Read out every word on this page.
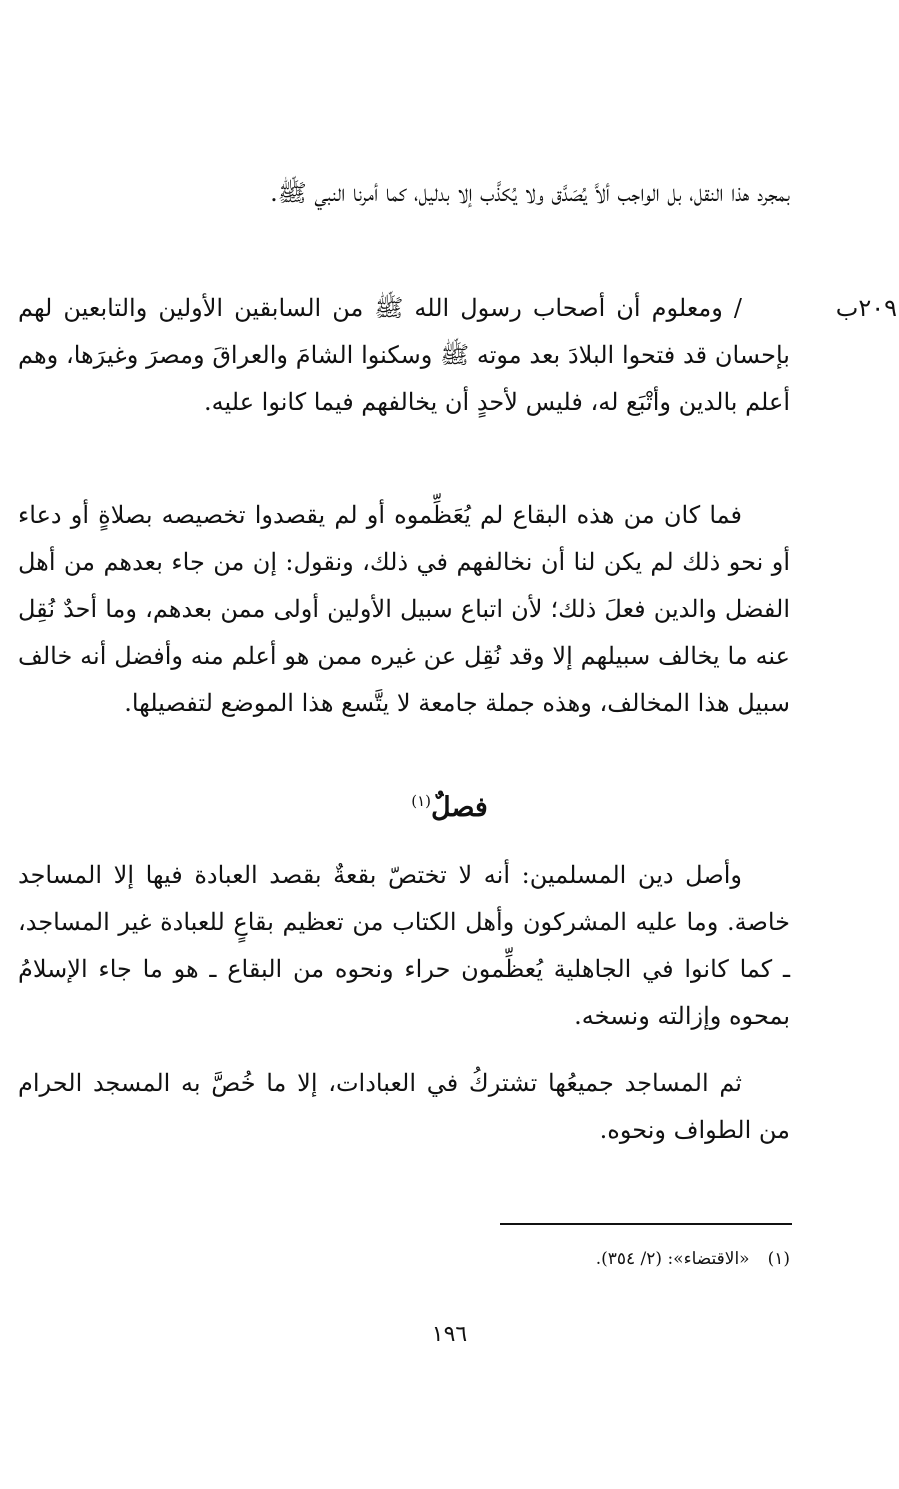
٢٠٩ب

بمجرد هذا النقل، بل الواجب ألاَّ يُصَدَّق ولا يُكذَّب إلا بدليل، كما أمرنا النبي ﷺ.

/ ومعلوم أن أصحاب رسول الله ﷺ من السابقين الأولين والتابعين لهم بإحسان قد فتحوا البلادَ بعد موته ﷺ وسكنوا الشامَ والعراقَ ومصرَ وغيرَها، وهم أعلم بالدين وأتْبَع له، فليس لأحدٍ أن يخالفهم فيما كانوا عليه.

فما كان من هذه البقاع لم يُعَظِّموه أو لم يقصدوا تخصيصه بصلاةٍ أو دعاء أو نحو ذلك لم يكن لنا أن نخالفهم في ذلك، ونقول: إن من جاء بعدهم من أهل الفضل والدين فعلَ ذلك؛ لأن اتباع سبيل الأولين أولى ممن بعدهم، وما أحدٌ نُقِل عنه ما يخالف سبيلهم إلا وقد نُقِل عن غيره ممن هو أعلم منه وأفضل أنه خالف سبيل هذا المخالف، وهذه جملة جامعة لا يتَّسع هذا الموضع لتفصيلها.

فصلٌ$^{(١)}$

وأصل دين المسلمين: أنه لا تختصّ بقعةٌ بقصد العبادة فيها إلا المساجد خاصة. وما عليه المشركون وأهل الكتاب من تعظيم بقاعٍ للعبادة غير المساجد، ـ كما كانوا في الجاهلية يُعظِّمون حراء ونحوه من البقاع ـ هو ما جاء الإسلامُ بمحوه وإزالته ونسخه.

ثم المساجد جميعُها تشتركُ في العبادات، إلا ما خُصَّ به المسجد الحرام من الطواف ونحوه.

(١)«الاقتضاء»: (٢/ ٣٥٤).
١٩٦
